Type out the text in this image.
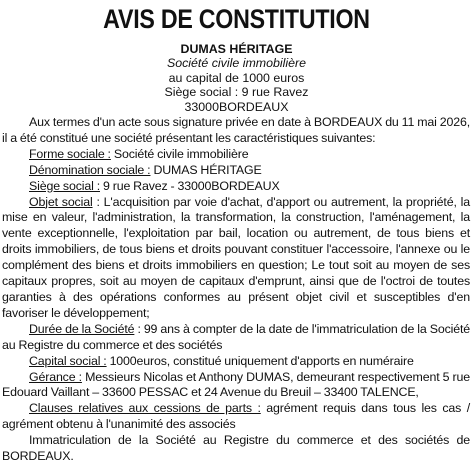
AVIS DE CONSTITUTION
DUMAS HÉRITAGE
Société civile immobilière
au capital de 1000 euros
Siège social : 9 rue Ravez
33000BORDEAUX

Aux termes d'un acte sous signature privée en date à BORDEAUX du 11 mai 2026, il a été constitué une société présentant les caractéristiques suivantes:

Forme sociale : Société civile immobilière

Dénomination sociale : DUMAS HÉRITAGE

Siège social : 9 rue Ravez - 33000BORDEAUX

Objet social : L'acquisition par voie d'achat, d'apport ou autrement, la propriété, la mise en valeur, l'administration, la transformation, la construction, l'aménagement, la vente exceptionnelle, l'exploitation par bail, location ou autrement, de tous biens et droits immobiliers, de tous biens et droits pouvant constituer l'accessoire, l'annexe ou le complément des biens et droits immobiliers en question; Le tout soit au moyen de ses capitaux propres, soit au moyen de capitaux d'emprunt, ainsi que de l'octroi de toutes garanties à des opérations conformes au présent objet civil et susceptibles d'en favoriser le développement;

Durée de la Société : 99 ans à compter de la date de l'immatriculation de la Société au Registre du commerce et des sociétés

Capital social : 1000euros, constitué uniquement d'apports en numéraire

Gérance : Messieurs Nicolas et Anthony DUMAS, demeurant respectivement 5 rue Edouard Vaillant – 33600 PESSAC et 24 Avenue du Breuil – 33400 TALENCE,

Clauses relatives aux cessions de parts : agrément requis dans tous les cas / agrément obtenu à l'unanimité des associés

Immatriculation de la Société au Registre du commerce et des sociétés de BORDEAUX.
